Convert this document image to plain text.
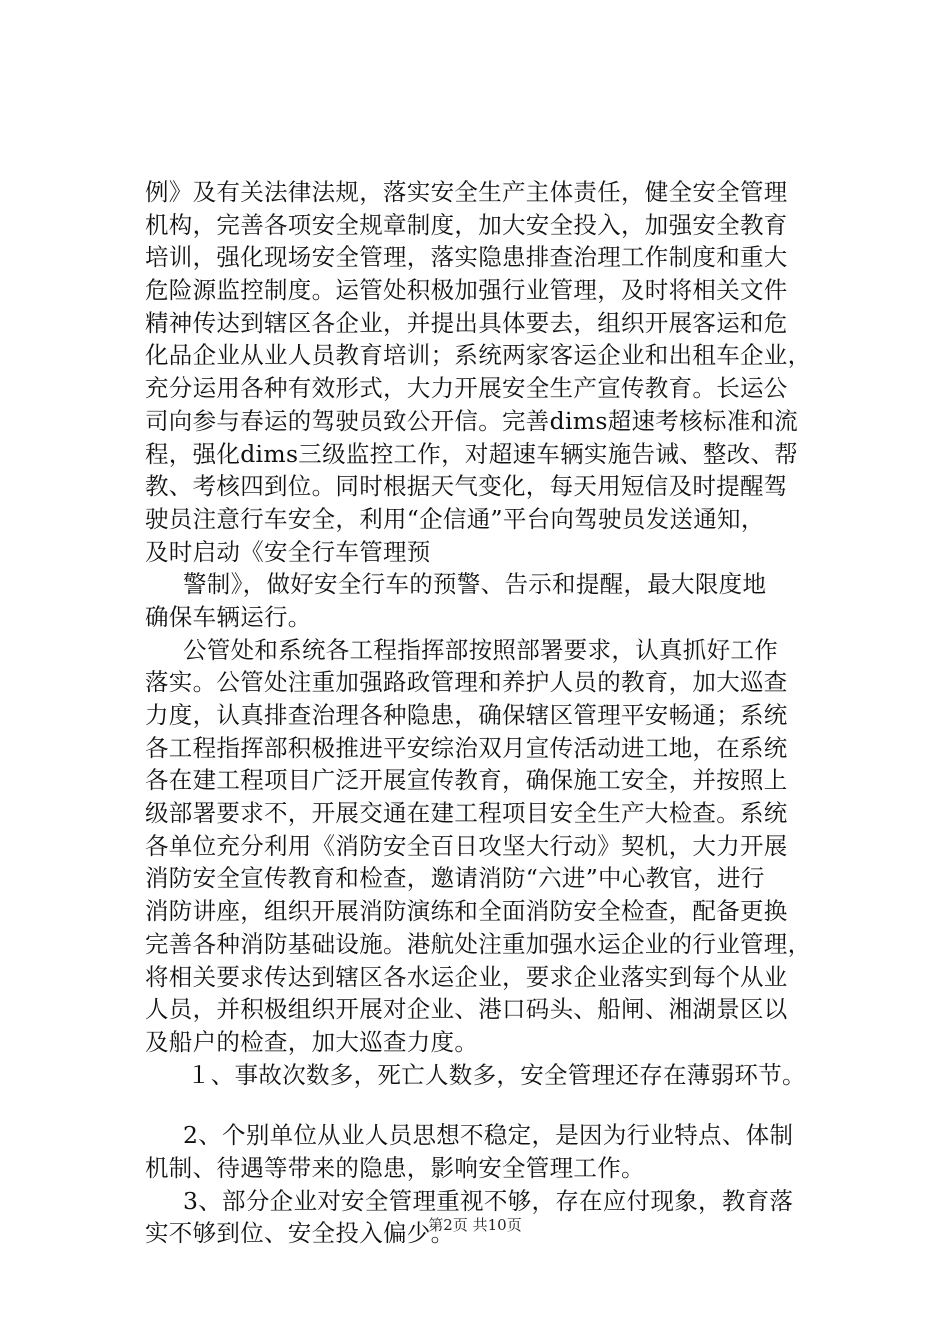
例》及有关法律法规，落实安全生产主体责任，健全安全管理
机构，完善各项安全规章制度，加大安全投入，加强安全教育
培训，强化现场安全管理，落实隐患排查治理工作制度和重大
危险源监控制度。运管处积极加强行业管理，及时将相关文件
精神传达到辖区各企业，并提出具体要去，组织开展客运和危
化品企业从业人员教育培训；系统两家客运企业和出租车企业，
充分运用各种有效形式，大力开展安全生产宣传教育。长运公
司向参与春运的驾驶员致公开信。完善dims超速考核标准和流
程，强化dims三级监控工作，对超速车辆实施告诫、整改、帮
教、考核四到位。同时根据天气变化，每天用短信及时提醒驾
驶员注意行车安全，利用“企信通”平台向驾驶员发送通知，
及时启动《安全行车管理预
警制》，做好安全行车的预警、告示和提醒，最大限度地
确保车辆运行。
公管处和系统各工程指挥部按照部署要求，认真抓好工作
落实。公管处注重加强路政管理和养护人员的教育，加大巡查
力度，认真排查治理各种隐患，确保辖区管理平安畅通；系统
各工程指挥部积极推进平安综治双月宣传活动进工地，在系统
各在建工程项目广泛开展宣传教育，确保施工安全，并按照上
级部署要求不，开展交通在建工程项目安全生产大检查。系统
各单位充分利用《消防安全百日攻坚大行动》契机，大力开展
消防安全宣传教育和检查，邀请消防“六进”中心教官，进行
消防讲座，组织开展消防演练和全面消防安全检查，配备更换
完善各种消防基础设施。港航处注重加强水运企业的行业管理，
将相关要求传达到辖区各水运企业，要求企业落实到每个从业
人员，并积极组织开展对企业、港口码头、船闸、湘湖景区以
及船户的检查，加大巡查力度。
１、事故次数多，死亡人数多，安全管理还存在薄弱环节。
2、个别单位从业人员思想不稳定，是因为行业特点、体制
机制、待遇等带来的隐患，影响安全管理工作。
3、部分企业对安全管理重视不够，存在应付现象，教育落
实不够到位、安全投入偏少。
第2页 共10页
